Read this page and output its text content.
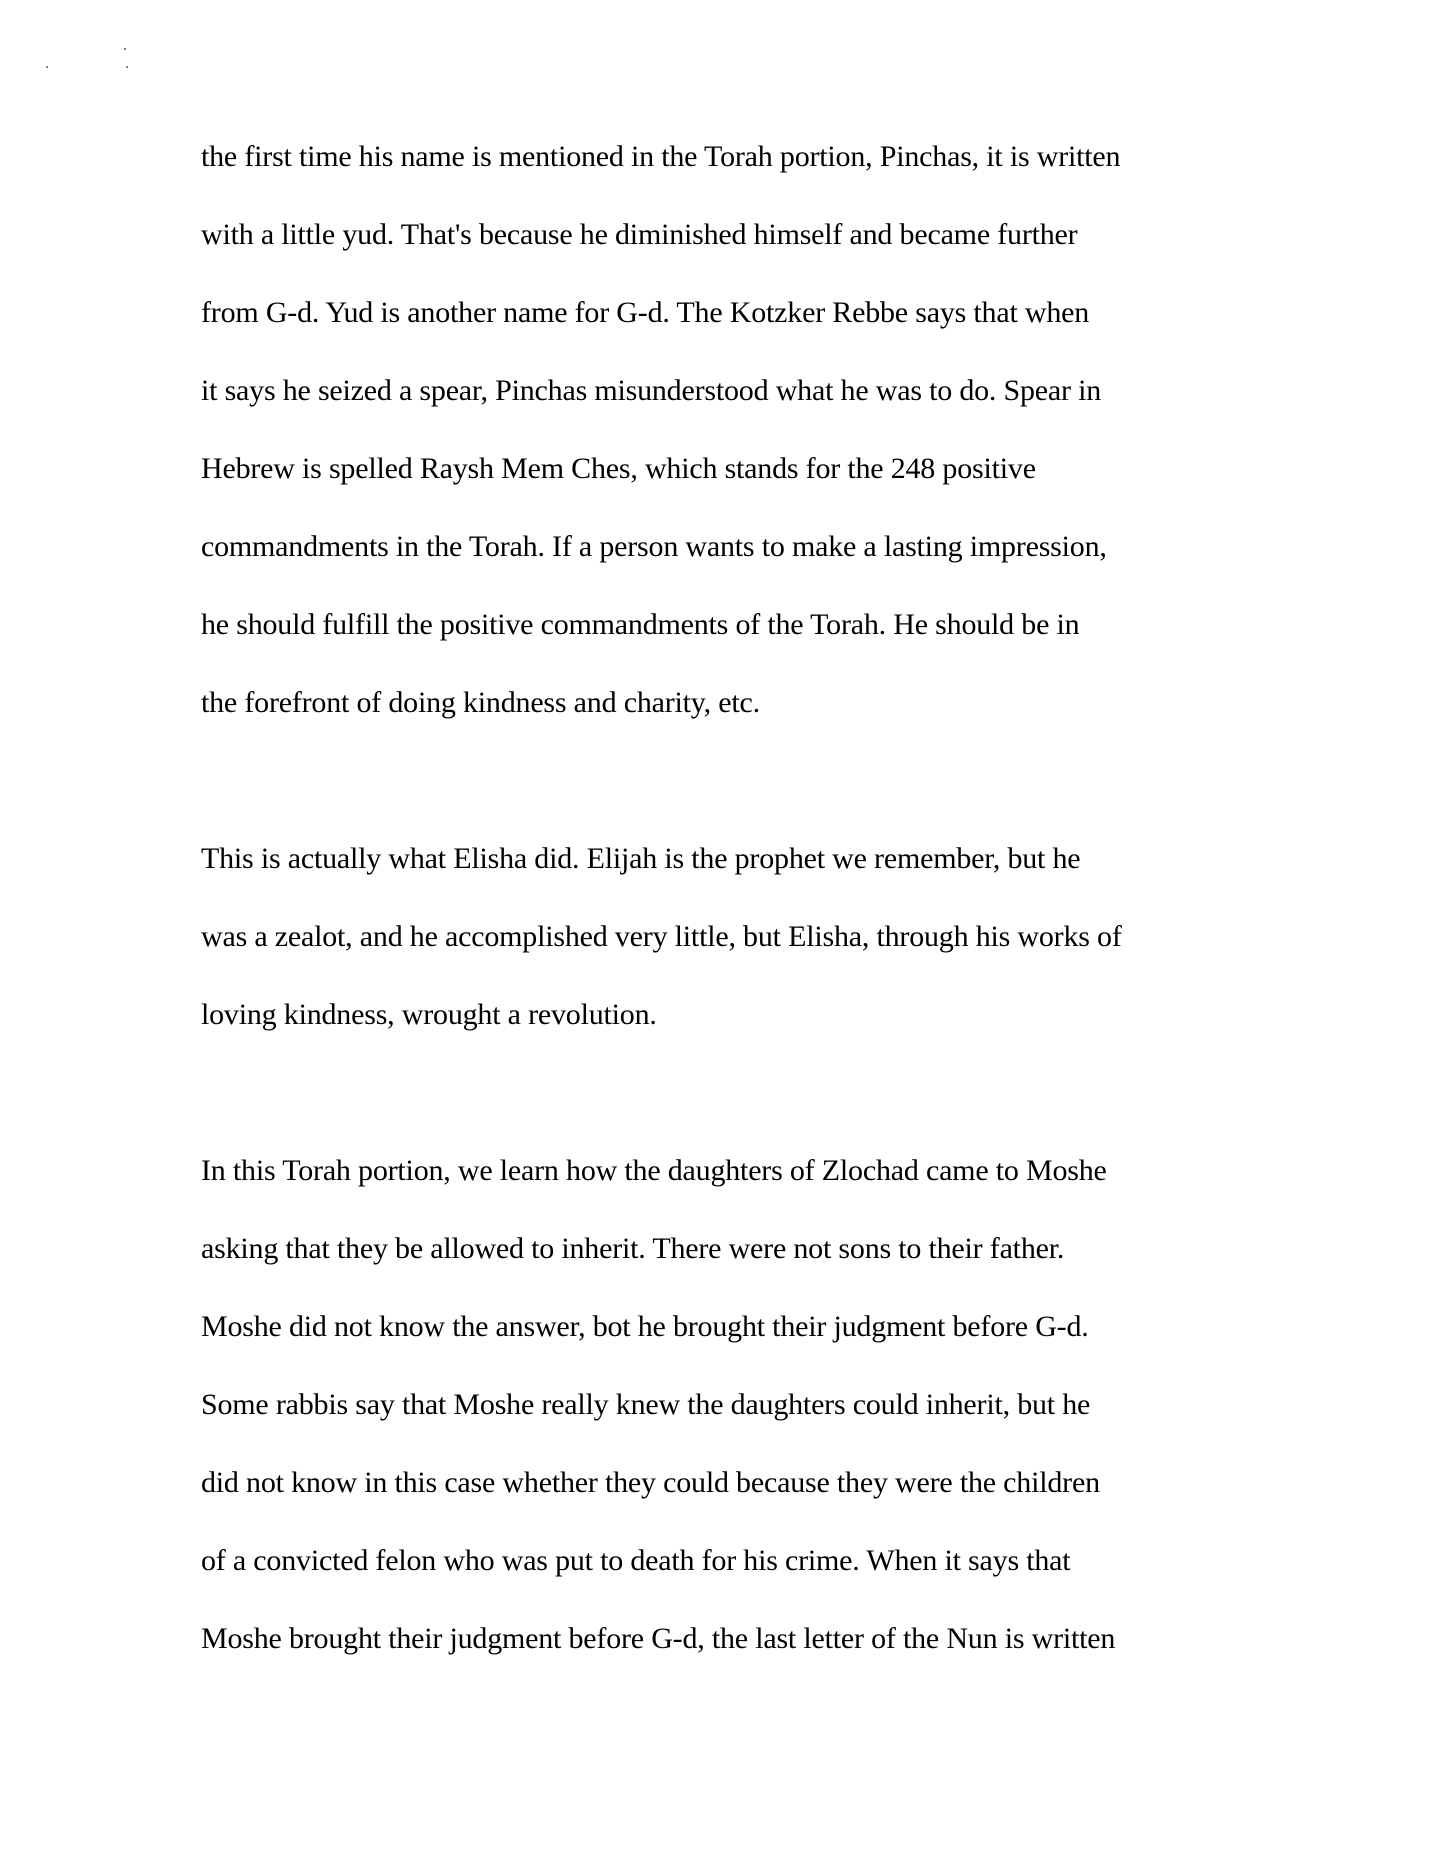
the first time his name is mentioned in the Torah portion, Pinchas, it is written
with a little yud. That's because he diminished himself and became further
from G-d. Yud is another name for G-d. The Kotzker Rebbe says that when
it says he seized a spear, Pinchas misunderstood what he was to do. Spear in
Hebrew is spelled Raysh Mem Ches, which stands for the 248 positive
commandments in the Torah. If a person wants to make a lasting impression,
he should fulfill the positive commandments of the Torah. He should be in
the forefront of doing kindness and charity, etc.
This is actually what Elisha did. Elijah is the prophet we remember, but he
was a zealot, and he accomplished very little, but Elisha, through his works of
loving kindness, wrought a revolution.
In this Torah portion, we learn how the daughters of Zlochad came to Moshe
asking that they be allowed to inherit. There were not sons to their father.
Moshe did not know the answer, bot he brought their judgment before G-d.
Some rabbis say that Moshe really knew the daughters could inherit, but he
did not know in this case whether they could because they were the children
of a convicted felon who was put to death for his crime. When it says that
Moshe brought their judgment before G-d, the last letter of the Nun is written
